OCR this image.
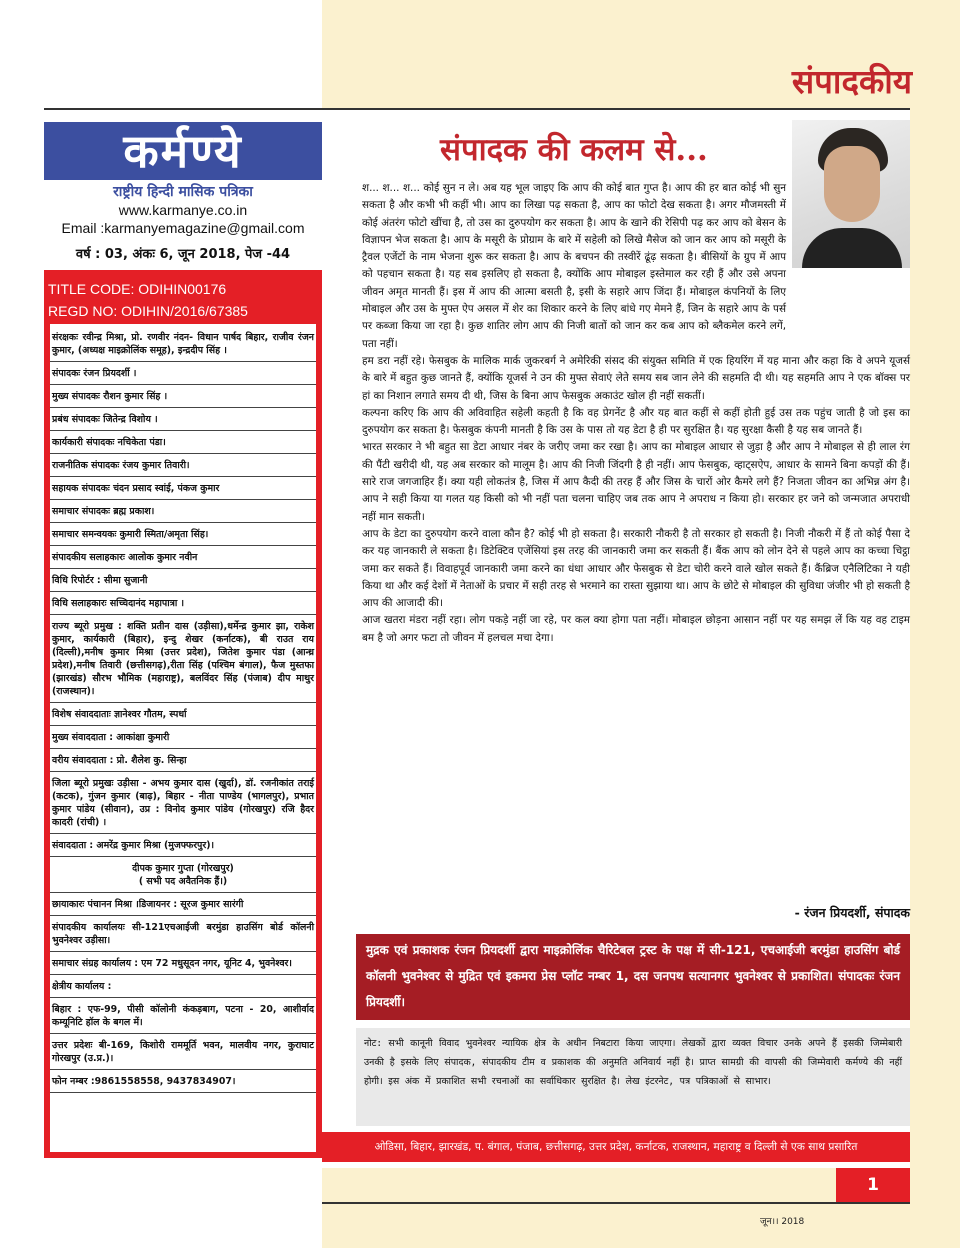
संपादकीय
कर्मण्ये
राष्ट्रीय हिन्दी मासिक पत्रिका
www.karmanye.co.in
Email :karmanyemagazine@gmail.com
वर्ष : 03, अंकः 6, जून 2018, पेज -44
TITLE CODE: ODIHIN00176
REGD NO: ODIHIN/2016/67385
संरक्षकः रवीन्द्र मिश्रा, प्रो. रणवीर नंदन- विधान पार्षद बिहार, राजीव रंजन कुमार, (अध्यक्ष माइक्रोलिंक समूह), इन्द्रदीप सिंह ।
संपादकः रंजन प्रियदर्शी ।
मुख्य संपादकः रौशन कुमार सिंह ।
प्रबंध संपादकः जितेन्द्र विशोय ।
कार्यकारी संपादकः नचिकेता पंडा।
राजनीतिक संपादकः रंजय कुमार तिवारी।
सहायक संपादकः चंदन प्रसाद स्वांई, पंकज कुमार
समाचार संपादकः ब्रह्म प्रकाश।
समाचार समन्वयकः कुमारी स्मिता/अमृता सिंह।
संपादकीय सलाहकारः आलोक कुमार नवीन
विधि रिपोर्टर : सीमा सुजानी
विधि सलाहकारः सच्चिदानंद महापात्रा ।
राज्य ब्यूरो प्रमुख : शक्ति प्रतीन दास (उड़ीसा),धर्मेन्द्र कुमार झा, राकेश कुमार, कार्यकारी (बिहार), इन्दु शेखर (कर्नाटक), बी राउत राय (दिल्ली),मनीष कुमार मिश्रा (उत्तर प्रदेश), जितेश कुमार पंडा (आन्ध्र प्रदेश),मनीष तिवारी (छत्तीसगढ़),रीता सिंह (पश्चिम बंगाल), फैज मुस्तफा (झारखंड) सौरभ भौमिक (महाराष्ट्र), बलविंदर सिंह (पंजाब) दीप माथुर (राजस्थान)।
विशेष संवाददाताः ज्ञानेश्वर गौतम, स्पर्धा
मुख्य संवाददाता : आकांक्षा कुमारी
वरीय संवाददाता : प्रो. शैलेश कु. सिन्हा
जिला ब्यूरो प्रमुखः उड़ीसा - अभय कुमार दास (खुर्दा), डॉ. रजनीकांत तराई (कटक), गुंजन कुमार (बाढ़), बिहार - नीता पाण्डेय (भागलपुर), प्रभात कुमार पांडेय (सीवान), उप्र : विनोद कुमार पांडेय (गोरखपुर) रजि हैदर कादरी (रांची) ।
संवाददाता : अमरेंद्र कुमार मिश्रा (मुजफ्फरपुर)।
दीपक कुमार गुप्ता (गोरखपुर)
( सभी पद अवैतनिक हैं।)
छायाकारः पंचानन मिश्रा ।डिजायनर : सूरज कुमार सारंगी
संपादकीय कार्यालयः सी-121एचआईजी बरमुंडा हाउसिंग बोर्ड कॉलनी भुवनेश्वर उड़ीसा।
समाचार संग्रह कार्यालय : एम 72 मधुसूदन नगर, यूनिट 4, भुवनेश्वर।
क्षेत्रीय कार्यालय :
बिहार : एफ-99, पीसी कॉलोनी कंकड़बाग, पटना - 20, आशीर्वाद कम्यूनिटि हॉल के बगल में।
उत्तर प्रदेशः बी-169, किशोरी राममूर्ति भवन, मालवीय नगर, कुराघाट गोरखपुर (उ.प्र.)।
फोन नम्बर :9861558558, 9437834907।
संपादक की कलम से...

श... श... श... कोई सुन न ले। अब यह भूल जाइए कि आप की कोई बात गुप्त है। आप की हर बात कोई भी सुन सकता है और कभी भी कहीं भी। आप का लिखा पढ़ सकता है, आप का फोटो देख सकता है। अगर मौजमस्ती में कोई अंतरंग फोटो खींचा है, तो उस का दुरुपयोग कर सकता है। आप के खाने की रेसिपी पढ़ कर आप को बेसन के विज्ञापन भेज सकता है। आप के मसूरी के प्रोग्राम के बारे में सहेली को लिखे मैसेज को जान कर आप को मसूरी के ट्रैवल एजेंटों के नाम भेजना शुरू कर सकता है। आप के बचपन की तस्वीरें ढूंढ़ सकता है। बीसियों के ग्रुप में आप को पहचान सकता है। यह सब इसलिए हो सकता है, क्योंकि आप मोबाइल इस्तेमाल कर रही हैं और उसे अपना जीवन अमृत मानती हैं। इस में आप की आत्मा बसती है, इसी के सहारे आप जिंदा हैं। मोबाइल कंपनियों के लिए मोबाइल और उस के मुफ्त ऐप असल में शेर का शिकार करने के लिए बांधे गए मेमने हैं, जिन के सहारे आप के पर्स पर कब्जा किया जा रहा है। कुछ शातिर लोग आप की निजी बातों को जान कर कब आप को ब्लैकमेल करने लगें, पता नहीं।

हम डरा नहीं रहे। फेसबुक के मालिक मार्क जुकरबर्ग ने अमेरिकी संसद की संयुक्त समिति में एक हियरिंग में यह माना और कहा कि वे अपने यूजर्स के बारे में बहुत कुछ जानते हैं, क्योंकि यूजर्स ने उन की मुफ्त सेवाएं लेते समय सब जान लेने की सहमति दी थी। यह सहमति आप ने एक बॉक्स पर हां का निशान लगाते समय दी थी, जिस के बिना आप फेसबुक अकाउंट खोल ही नहीं सकतीं।

कल्पना करिए कि आप की अविवाहित सहेली कहती है कि वह प्रेगनेंट है और यह बात कहीं से कहीं होती हुई उस तक पहुंच जाती है जो इस का दुरुपयोग कर सकता है। फेसबुक कंपनी मानती है कि उस के पास तो यह डेटा है ही पर सुरक्षित है। यह सुरक्षा कैसी है यह सब जानते हैं।

भारत सरकार ने भी बहुत सा डेटा आधार नंबर के जरीए जमा कर रखा है। आप का मोबाइल आधार से जुड़ा है और आप ने मोबाइल से ही लाल रंग की पैंटी खरीदी थी, यह अब सरकार को मालूम है। आप की निजी जिंदगी है ही नहीं। आप फेसबुक, व्हाट्सऐप, आधार के सामने बिना कपड़ों की हैं। सारे राज जगजाहिर हैं। क्या यही लोकतंत्र है, जिस में आप कैदी की तरह हैं और जिस के चारों ओर कैमरे लगे हैं? निजता जीवन का अभिन्न अंग है। आप ने सही किया या गलत यह किसी को भी नहीं पता चलना चाहिए जब तक आप ने अपराध न किया हो। सरकार हर जने को जन्मजात अपराधी नहीं मान सकती।

आप के डेटा का दुरुपयोग करने वाला कौन है? कोई भी हो सकता है। सरकारी नौकरी है तो सरकार हो सकती है। निजी नौकरी में हैं तो कोई पैसा दे कर यह जानकारी ले सकता है। डिटेक्टिव एजेंसियां इस तरह की जानकारी जमा कर सकती हैं। बैंक आप को लोन देने से पहले आप का कच्चा चिट्ठा जमा कर सकते हैं। विवाहपूर्व जानकारी जमा करने का धंधा आधार और फेसबुक से डेटा चोरी करने वाले खोल सकते हैं। कैंब्रिज एनैलिटिका ने यही किया था और कई देशों में नेताओं के प्रचार में सही तरह से भरमाने का रास्ता सुझाया था। आप के छोटे से मोबाइल की सुविधा जंजीर भी हो सकती है आप की आजादी की।

आज खतरा मंडरा नहीं रहा। लोग पकड़े नहीं जा रहे, पर कल क्या होगा पता नहीं। मोबाइल छोड़ना आसान नहीं पर यह समझ लें कि यह वह टाइम बम है जो अगर फटा तो जीवन में हलचल मचा देगा।

- रंजन प्रियदर्शी, संपादक
मुद्रक एवं प्रकाशक रंजन प्रियदर्शी द्वारा माइक्रोलिंक चैरिटेबल ट्रस्ट के पक्ष में सी-121, एचआईजी बरमुंडा हाउसिंग बोर्ड कॉलनी भुवनेश्वर से मुद्रित एवं इकमरा प्रेस प्लॉट नम्बर 1, दस जनपथ सत्यानगर भुवनेश्वर से प्रकाशित। संपादकः रंजन प्रियदर्शी।
नोट: सभी कानूनी विवाद भुवनेश्वर न्यायिक क्षेत्र के अधीन निबटारा किया जाएगा। लेखकों द्वारा व्यक्त विचार उनके अपने हैं इसकी जिम्मेबारी उनकी है इसके लिए संपादक, संपादकीय टीम व प्रकाशक की अनुमति अनिवार्य नहीं है। प्राप्त सामग्री की वापसी की जिम्मेवारी कर्मण्ये की नहीं होगी। इस अंक में प्रकाशित सभी रचनाओं का सर्वाधिकार सुरक्षित है। लेख इंटरनेट, पत्र पत्रिकाओं से साभार।
ओडिसा, बिहार, झारखंड, प. बंगाल, पंजाब, छत्तीसगढ़, उत्तर प्रदेश, कर्नाटक, राजस्थान, महाराष्ट्र व दिल्ली से एक साथ प्रसारित
1
जून।। 2018
